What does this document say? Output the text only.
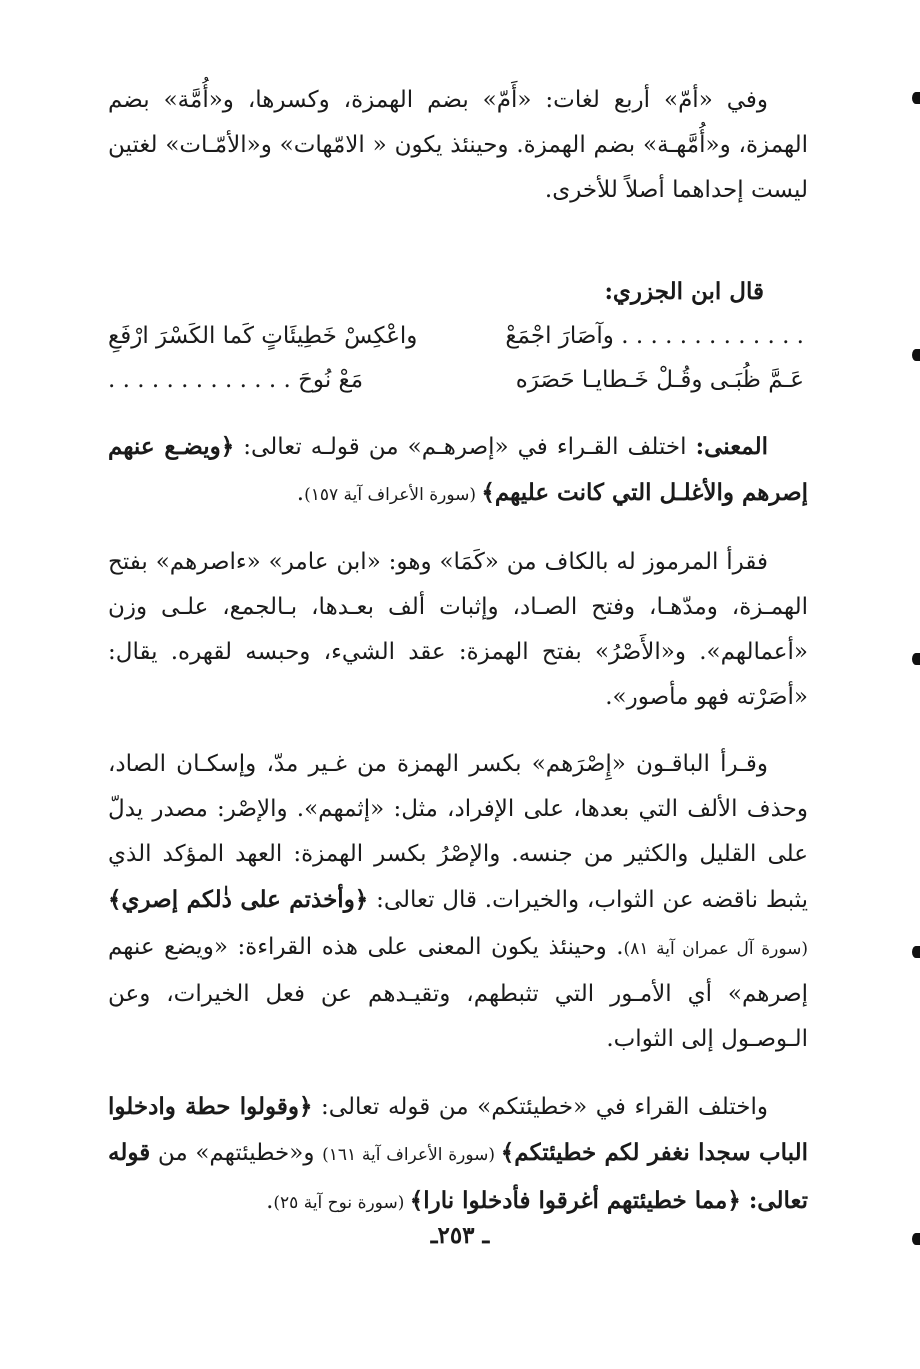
وفي «أمّ» أربع لغات: «أَمّ» بضم الهمزة، وكسرها، و«أُمَّة» بضم الهمزة، و«أُمَّهـة» بضم الهمزة. وحينئذ يكون « الامّهات» و«الأمّـات» لغتين ليست إحداهما أصلاً للأخرى.

قال ابن الجزري:

. . . . . . . . . . . . . وآصَارَ اجْمَعْ
واعْكِسْ خَطِيئَاتٍ كَما الكَسْرَ ارْفَعِ
عَـمَّ ظُبَـى وقُـلْ خَـطايـا حَصَرَه
مَعْ نُوحَ . . . . . . . . . . . . .

المعنى: اختلف القـراء في «إصرهـم» من قولـه تعالى: ﴿ويضـع عنهم إصرهم والأغلـل التي كانت عليهم﴾ (سورة الأعراف آية ١٥٧).

فقرأ المرموز له بالكاف من «كَمَا» وهو: «ابن عامر» «ءاصرهم» بفتح الهمـزة، ومدّهـا، وفتح الصـاد، وإثبات ألف بعـدها، بـالجمع، علـى وزن «أعمالهم». و«الأَصْرُ» بفتح الهمزة: عقد الشيء، وحبسه لقهره. يقال: «أصَرْته فهو مأصور».

وقـرأ الباقـون «إِصْرَهم» بكسر الهمزة من غـير مدّ، وإسكـان الصاد، وحذف الألف التي بعدها، على الإفراد، مثل: «إثمهم». والإصْر: مصدر يدلّ على القليل والكثير من جنسه. والإصْرُ بكسر الهمزة: العهد المؤكد الذي يثبط ناقضه عن الثواب، والخيرات. قال تعالى: ﴿وأخذتم على ذٰلكم إصري﴾ (سورة آل عمران آية ٨١). وحينئذ يكون المعنى على هذه القراءة: «ويضع عنهم إصرهم» أي الأمـور التي تثبطهم، وتقيـدهم عن فعل الخيرات، وعن الـوصـول إلى الثواب.

واختلف القراء في «خطيئتكم» من قوله تعالى: ﴿وقولوا حطة وادخلوا الباب سجدا نغفر لكم خطيئتكم﴾ (سورة الأعراف آية ١٦١) و«خطيئتهم» من قوله تعالى: ﴿مما خطيئتهم أغرقوا فأدخلوا نارا﴾ (سورة نوح آية ٢٥).

ـ ٢٥٣ـ
